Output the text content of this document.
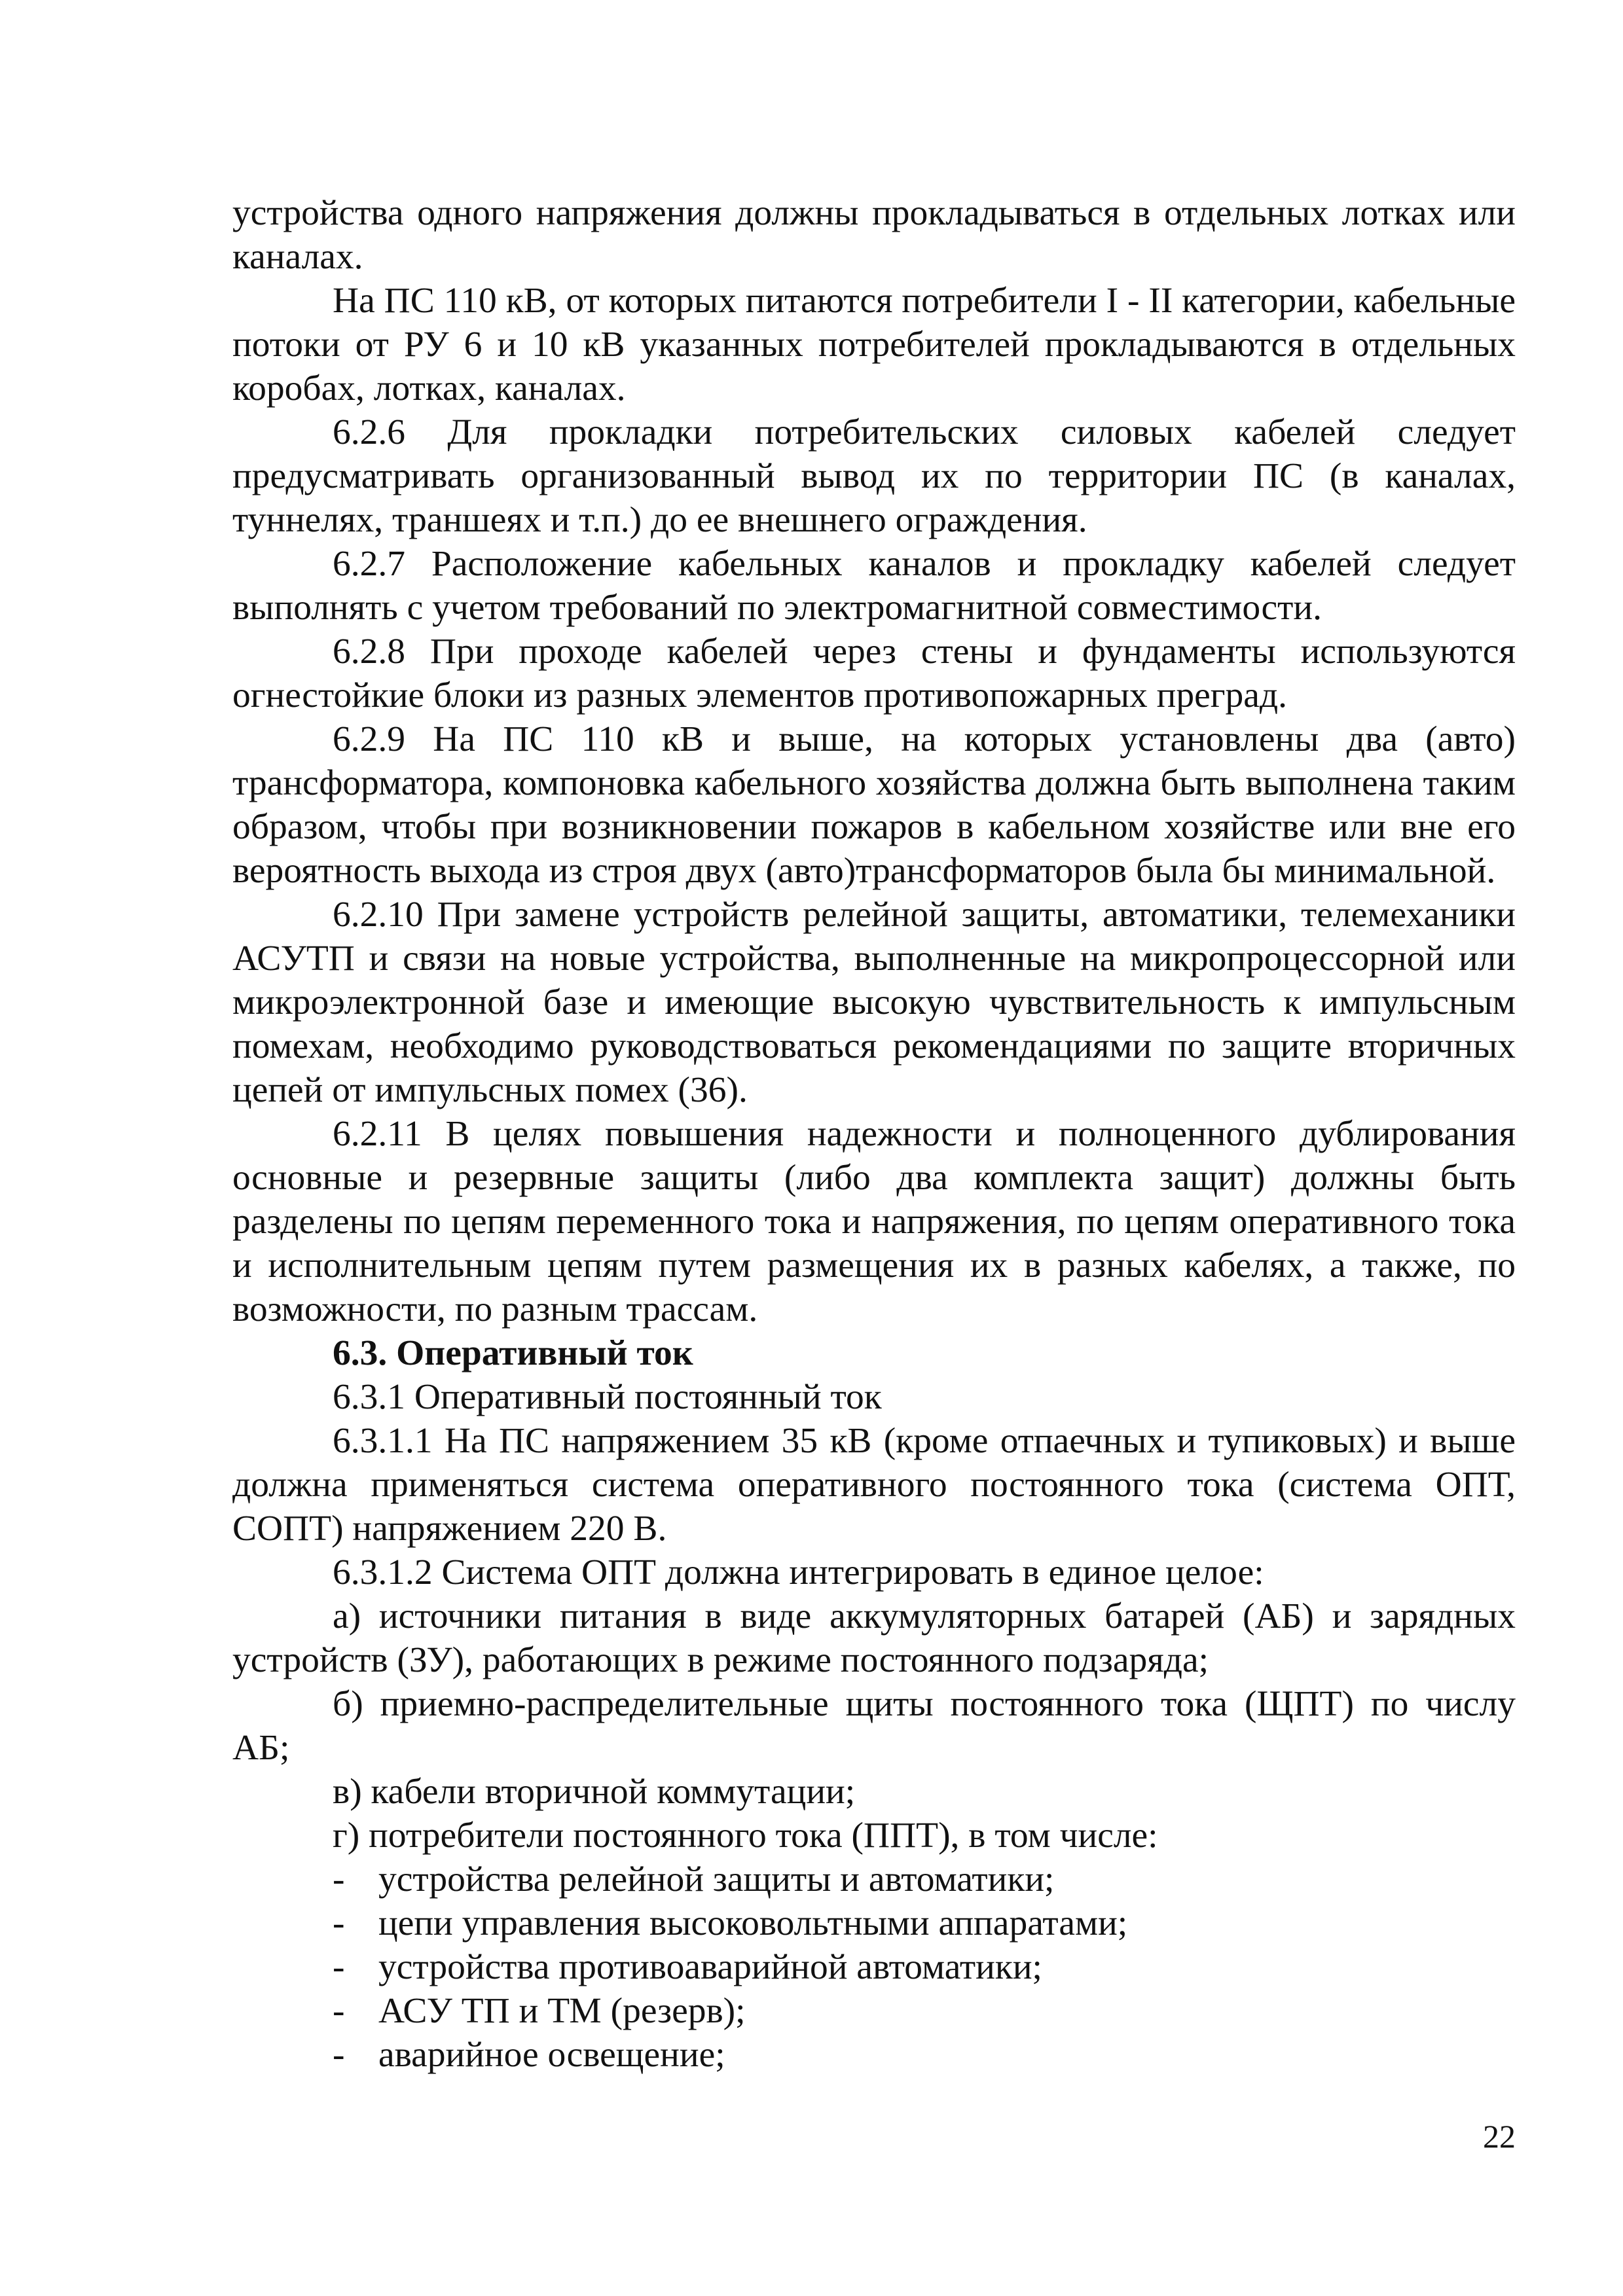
устройства одного напряжения должны прокладываться в отдельных лотках или каналах.

На ПС 110 кВ, от которых питаются потребители I - II категории, кабельные потоки от РУ 6 и 10 кВ указанных потребителей прокладываются в отдельных коробах, лотках, каналах.

6.2.6 Для прокладки потребительских силовых кабелей следует предусматривать организованный вывод их по территории ПС (в каналах, туннелях, траншеях и т.п.) до ее внешнего ограждения.

6.2.7 Расположение кабельных каналов и прокладку кабелей следует выполнять с учетом требований по электромагнитной совместимости.

6.2.8 При проходе кабелей через стены и фундаменты используются огнестойкие блоки из разных элементов противопожарных преград.

6.2.9 На ПС 110 кВ и выше, на которых установлены два (авто) трансформатора, компоновка кабельного хозяйства должна быть выполнена таким образом, чтобы при возникновении пожаров в кабельном хозяйстве или вне его вероятность выхода из строя двух (авто)трансформаторов была бы минимальной.

6.2.10 При замене устройств релейной защиты, автоматики, телемеханики АСУТП и связи на новые устройства, выполненные на микропроцессорной или микроэлектронной базе и имеющие высокую чувствительность к импульсным помехам, необходимо руководствоваться рекомендациями по защите вторичных цепей от импульсных помех (36).

6.2.11 В целях повышения надежности и полноценного дублирования основные и резервные защиты (либо два комплекта защит) должны быть разделены по цепям переменного тока и напряжения, по цепям оперативного тока и исполнительным цепям путем размещения их в разных кабелях, а также, по возможности, по разным трассам.

6.3. Оперативный ток

6.3.1 Оперативный постоянный ток

6.3.1.1 На ПС напряжением 35 кВ (кроме отпаечных и тупиковых) и выше должна применяться система оперативного постоянного тока (система ОПТ, СОПТ) напряжением 220 В.

6.3.1.2 Система ОПТ должна интегрировать в единое целое:

а) источники питания в виде аккумуляторных батарей (АБ) и зарядных устройств (ЗУ), работающих в режиме постоянного подзаряда;

б) приемно-распределительные щиты постоянного тока (ЩПТ) по числу АБ;

в) кабели вторичной коммутации;

г) потребители постоянного тока (ППТ), в том числе:

- устройства релейной защиты и автоматики;
- цепи управления высоковольтными аппаратами;
- устройства противоаварийной автоматики;
- АСУ ТП и ТМ (резерв);
- аварийное освещение;
22
